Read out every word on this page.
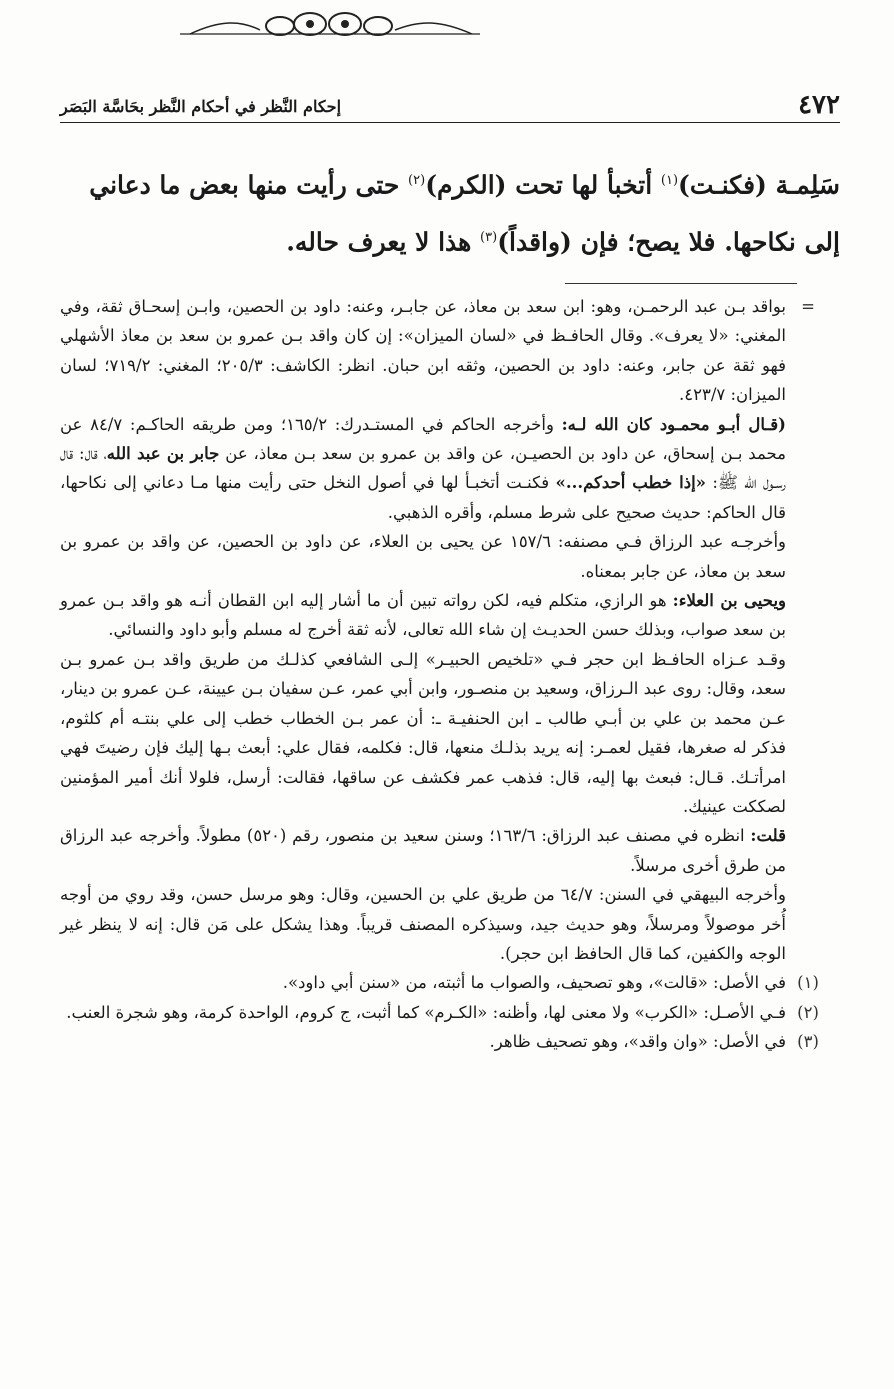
٤٧٢
إحكام النَّظر في أحكام النَّظر بحَاسَّة البَصَر
سَلِمـة (فكنـت)$^{(١)}$ أتخبأ لها تحت (الكرم)$^{(٢)}$ حتى رأيت منها بعض ما دعاني
إلى نكاحها. فلا يصح؛ فإن (واقداً)$^{(٣)}$ هذا لا يعرف حاله.

=
بواقد بـن عبد الرحمـن، وهو: ابن سعد بن معاذ، عن جابـر، وعنه: داود بن الحصين، وابـن إسحـاق ثقة، وفي المغني: «لا يعرف». وقال الحافـظ في «لسان الميزان»: إن كان واقد بـن عمرو بن سعد بن معاذ الأشهلي فهو ثقة عن جابر، وعنه: داود بن الحصين، وثقه ابن حبان. انظر: الكاشف: ٢٠٥/٣؛ المغني: ٧١٩/٢؛ لسان الميزان: ٤٢٣/٧.

(قـال أبـو محمـود كان الله لـه: وأخرجه الحاكم في المستـدرك: ١٦٥/٢؛ ومن طريقه الحاكـم: ٨٤/٧ عن محمد بـن إسحاق، عن داود بن الحصيـن، عن واقد بن عمرو بن سعد بـن معاذ، عن جابر بن عبد الله، قال: قال رسـول الله ﷺ: «إذا خطب أحدكم...» فكنـت أتخبـأ لها في أصول النخل حتى رأيت منها مـا دعاني إلى نكاحها، قال الحاكم: حديث صحيح على شرط مسلم، وأقره الذهبي.

وأخرجـه عبد الرزاق فـي مصنفه: ١٥٧/٦ عن يحيى بن العلاء، عن داود بن الحصين، عن واقد بن عمرو بن سعد بن معاذ، عن جابر بمعناه.

ويحيى بن العلاء: هو الرازي، متكلم فيه، لكن رواته تبين أن ما أشار إليه ابن القطان أنـه هو واقد بـن عمرو بن سعد صواب، وبذلك حسن الحديـث إن شاء الله تعالى، لأنه ثقة أخرج له مسلم وأبو داود والنسائي.

وقـد عـزاه الحافـظ ابن حجر فـي «تلخيص الحبيـر» إلـى الشافعي كذلـك من طريق واقد بـن عمرو بـن سعد، وقال: روى عبد الـرزاق، وسعيد بن منصـور، وابن أبي عمر، عـن سفيان بـن عيينة، عـن عمرو بن دينار، عـن محمد بن علي بن أبـي طالب ـ ابن الحنفيـة ـ: أن عمر بـن الخطاب خطب إلى علي بنتـه أم كلثوم، فذكر له صغرها، فقيل لعمـر: إنه يريد بذلـك منعها، قال: فكلمه، فقال علي: أبعث بـها إليك فإن رضيتَ فهي امرأتـك. قـال: فبعث بها إليه، قال: فذهب عمر فكشف عن ساقها، فقالت: أرسل، فلولا أنك أمير المؤمنين لصككت عينيك.

قلت: انظره في مصنف عبد الرزاق: ١٦٣/٦؛ وسنن سعيد بن منصور، رقم (٥٢٠) مطولاً. وأخرجه عبد الرزاق من طرق أخرى مرسلاً.

وأخرجه البيهقي في السنن: ٦٤/٧ من طريق علي بن الحسين، وقال: وهو مرسل حسن، وقد روي من أوجه أُخر موصولاً ومرسلاً، وهو حديث جيد، وسيذكره المصنف قريباً. وهذا يشكل على مَن قال: إنه لا ينظر غير الوجه والكفين، كما قال الحافظ ابن حجر).

(١)
في الأصل: «قالت»، وهو تصحيف، والصواب ما أثبته، من «سنن أبي داود».

(٢)
فـي الأصـل: «الكرب» ولا معنى لها، وأظنه: «الكـرم» كما أثبت، ج كروم، الواحدة كرمة، وهو شجرة العنب.

(٣)
في الأصل: «وان واقد»، وهو تصحيف ظاهر.
